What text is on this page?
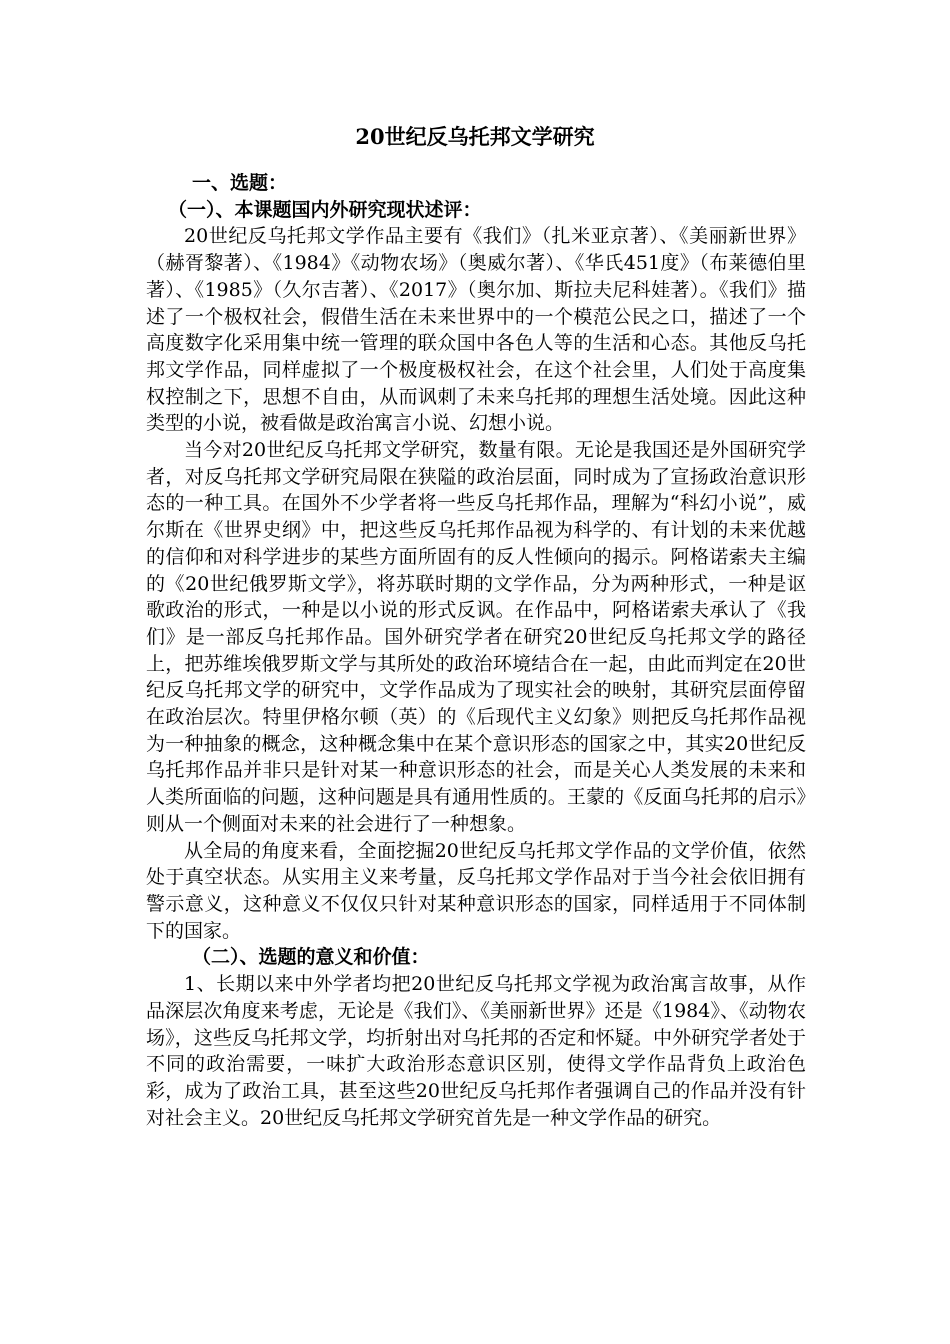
20世纪反乌托邦文学研究

一、选题：

（一）、本课题国内外研究现状述评：

20世纪反乌托邦文学作品主要有《我们》（扎米亚京著）、《美丽新世界》（赫胥黎著）、《1984》《动物农场》（奥威尔著）、《华氏451度》（布莱德伯里著）、《1985》（久尔吉著）、《2017》（奥尔加、斯拉夫尼科娃著）。《我们》描述了一个极权社会，假借生活在未来世界中的一个模范公民之口，描述了一个高度数字化采用集中统一管理的联众国中各色人等的生活和心态。其他反乌托邦文学作品，同样虚拟了一个极度极权社会，在这个社会里，人们处于高度集权控制之下，思想不自由，从而讽刺了未来乌托邦的理想生活处境。因此这种类型的小说，被看做是政治寓言小说、幻想小说。

当今对20世纪反乌托邦文学研究，数量有限。无论是我国还是外国研究学者，对反乌托邦文学研究局限在狭隘的政治层面，同时成为了宣扬政治意识形态的一种工具。在国外不少学者将一些反乌托邦作品，理解为“科幻小说”，威尔斯在《世界史纲》中，把这些反乌托邦作品视为科学的、有计划的未来优越的信仰和对科学进步的某些方面所固有的反人性倾向的揭示。阿格诺索夫主编的《20世纪俄罗斯文学》，将苏联时期的文学作品，分为两种形式，一种是讴歌政治的形式，一种是以小说的形式反讽。在作品中，阿格诺索夫承认了《我们》是一部反乌托邦作品。国外研究学者在研究20世纪反乌托邦文学的路径上，把苏维埃俄罗斯文学与其所处的政治环境结合在一起，由此而判定在20世纪反乌托邦文学的研究中，文学作品成为了现实社会的映射，其研究层面停留在政治层次。特里伊格尔顿（英）的《后现代主义幻象》则把反乌托邦作品视为一种抽象的概念，这种概念集中在某个意识形态的国家之中，其实20世纪反乌托邦作品并非只是针对某一种意识形态的社会，而是关心人类发展的未来和人类所面临的问题，这种问题是具有通用性质的。王蒙的《反面乌托邦的启示》则从一个侧面对未来的社会进行了一种想象。

从全局的角度来看，全面挖掘20世纪反乌托邦文学作品的文学价值，依然处于真空状态。从实用主义来考量，反乌托邦文学作品对于当今社会依旧拥有警示意义，这种意义不仅仅只针对某种意识形态的国家，同样适用于不同体制下的国家。

（二）、选题的意义和价值：

1、长期以来中外学者均把20世纪反乌托邦文学视为政治寓言故事，从作品深层次角度来考虑，无论是《我们》、《美丽新世界》还是《1984》、《动物农场》，这些反乌托邦文学，均折射出对乌托邦的否定和怀疑。中外研究学者处于不同的政治需要，一味扩大政治形态意识区别，使得文学作品背负上政治色彩，成为了政治工具，甚至这些20世纪反乌托邦作者强调自己的作品并没有针对社会主义。20世纪反乌托邦文学研究首先是一种文学作品的研究。
